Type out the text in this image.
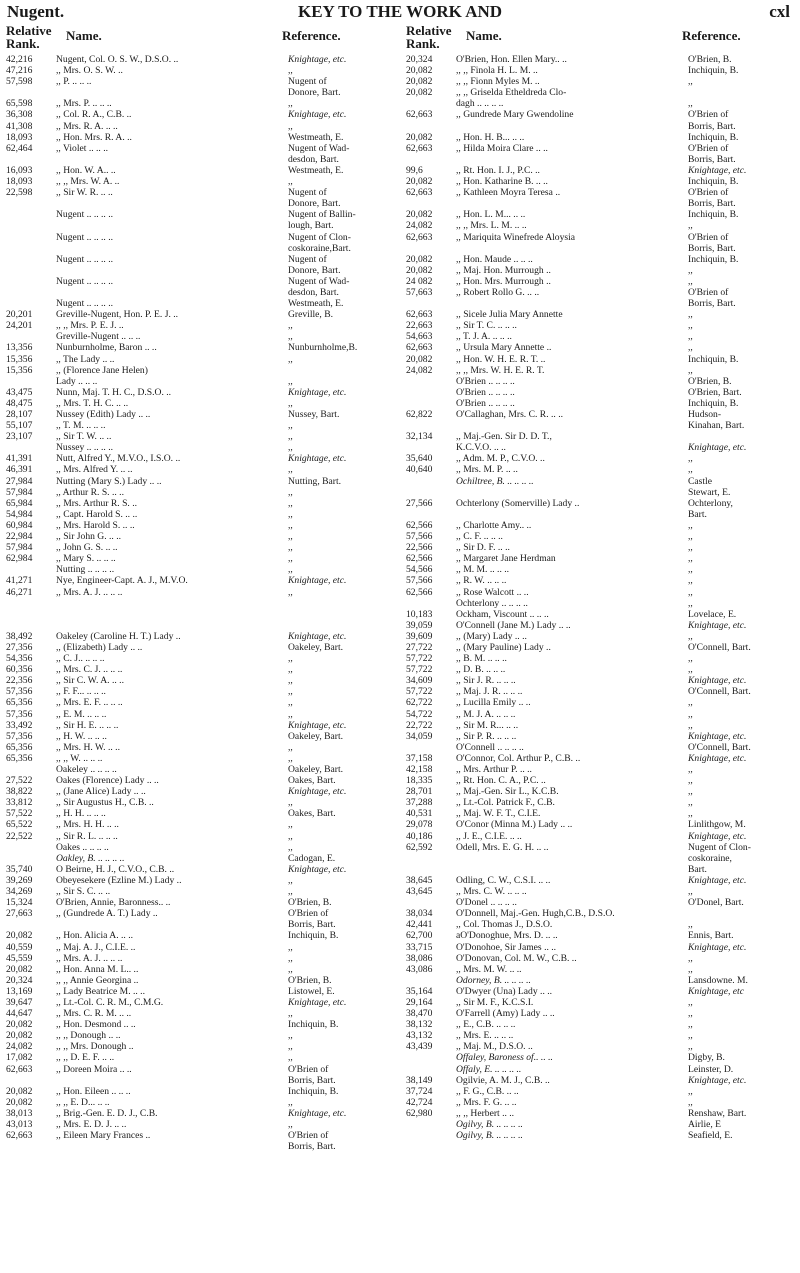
Nugent.	KEY TO THE WORK AND	cxl
Relative Rank.
Name.	Reference.
42,216	Nugent, Col. O. S. W., D.S.O. ..	Knightage, etc.
47,216	,, Mrs. O. S. W. ..	,,
57,598	,, P. .. .. ..	Nugent of
Donore, Bart.
65,598	,, Mrs. P. .. .. ..	,,
36,308	,, Col. R. A., C.B. ..	Knightage, etc.
41,308	,, Mrs. R. A. .. ..	,,
18,093	,, Hon. Mrs. R. A. ..	Westmeath, E.
62,464	,, Violet .. .. ..	Nugent of Wad-
desdon, Bart.
16,093	,, Hon. W. A.. ..	Westmeath, E.
18,093	,, ,, Mrs. W. A. ..	,,
22,598	,, Sir W. R. .. ..	Nugent of
Donore, Bart.
Nugent .. .. .. ..	Nugent of Ballin-
lough, Bart.
Nugent .. .. .. ..	Nugent of Clon-
coskoraine,Bart.
Nugent .. .. .. ..	Nugent of
Donore, Bart.
Nugent .. .. .. ..	Nugent of Wad-
desdon, Bart.
Nugent .. .. .. ..	Westmeath, E.
20,201	Greville-Nugent, Hon. P. E. J. ..	Greville, B.
24,201	,, ,, Mrs. P. E. J. ..	,,
Greville-Nugent .. .. ..	,,
13,356	Nunburnholme, Baron .. ..	Nunburnholme,B.
15,356	,, The Lady .. ..	,,
15,356	,, (Florence Jane Helen)
Lady .. .. ..	,,
43,475	Nunn, Maj. T. H. C., D.S.O. ..	Knightage, etc.
48,475	,, Mrs. T. H. C. .. ..	,,
28,107	Nussey (Edith) Lady .. ..	Nussey, Bart.
55,107	,, T. M. .. .. ..	,,
23,107	,, Sir T. W. .. ..	,,
Nussey .. .. .. ..	,,
41,391	Nutt, Alfred Y., M.V.O., I.S.O. ..	Knightage, etc.
46,391	,, Mrs. Alfred Y. .. ..	,,
27,984	Nutting (Mary S.) Lady .. ..	Nutting, Bart.
57,984	,, Arthur R. S. .. ..	,,
65,984	,, Mrs. Arthur R. S. ..	,,
54,984	,, Capt. Harold S. .. ..	,,
60,984	,, Mrs. Harold S. .. ..	,,
22,984	,, Sir John G. .. ..	,,
57,984	,, John G. S. .. ..	,,
62,984	,, Mary S. .. .. ..	,,
Nutting .. .. .. ..	,,
41,271	Nye, Engineer-Capt. A. J., M.V.O.	Knightage, etc.
46,271	,, Mrs. A. J. .. .. ..	,,
38,492	Oakeley (Caroline H. T.) Lady ..	Knightage, etc.
27,356	,, (Elizabeth) Lady .. ..	Oakeley, Bart.
54,356	,, C. J.. .. .. ..	,,
60,356	,, Mrs. C. J. .. .. ..	,,
22,356	,, Sir C. W. A. .. ..	,,
57,356	,, F. F... .. .. ..	,,
65,356	,, Mrs. E. F. .. .. ..	,,
57,356	,, E. M. .. .. ..	,,
33,492	,, Sir H. E. .. .. ..	Knightage, etc.
57,356	,, H. W. .. .. ..	Oakeley, Bart.
65,356	,, Mrs. H. W. .. ..	,,
65,356	,, ,, W. .. .. ..	,,
Oakeley .. .. .. ..	Oakeley, Bart.
27,522	Oakes (Florence) Lady .. ..	Oakes, Bart.
38,822	,, (Jane Alice) Lady .. ..	Knightage, etc.
33,812	,, Sir Augustus H., C.B. ..	,,
57,522	,, H. H. .. .. ..	Oakes, Bart.
65,522	,, Mrs. H. H. .. ..	,,
22,522	,, Sir R. L. .. .. ..	,,
Oakes .. .. .. ..	,,
Oakley, B. .. .. .. ..	Cadogan, E.
35,740	O Beirne, H. J., C.V.O., C.B. ..	Knightage, etc.
39,269	Obeyesekere (Ezline M.) Lady ..	,,
34,269	,, Sir S. C. .. ..	,,
15,324	O'Brien, Annie, Baronness.. ..	O'Brien, B.
27,663	,, (Gundrede A. T.) Lady ..	O'Brien of
Borris, Bart.
20,082	,, Hon. Alicia A. .. ..	Inchiquin, B.
40,559	,, Maj. A. J., C.I.E. ..	,,
45,559	,, Mrs. A. J. .. .. ..	,,
20,082	,, Hon. Anna M. L.. ..	,,
20,324	,, ,, Annie Georgina ..	O'Brien, B.
13,169	,, Lady Beatrice M. .. ..	Listowel, E.
39,647	,, Lt.-Col. C. R. M., C.M.G.	Knightage, etc.
44,647	,, Mrs. C. R. M. .. ..	,,
20,082	,, Hon. Desmond .. ..	Inchiquin, B.
20,082	,, ,, Donough .. ..	,,
24,082	,, ,, Mrs. Donough ..	,,
17,082	,, ,, D. E. F. .. ..	,,
62,663	,, Doreen Moira .. ..	O'Brien of
Borris, Bart.
20,082	,, Hon. Eileen .. .. ..	Inchiquin, B.
20,082	,, ,, E. D... .. ..	,,
38,013	,, Brig.-Gen. E. D. J., C.B.	Knightage, etc.
43,013	,, Mrs. E. D. J. .. ..	,,
62,663	,, Eileen Mary Frances ..	O'Brien of
Borris, Bart.
Relative Rank.
Name.	Reference.
20,324	O'Brien, Hon. Ellen Mary.. ..	O'Brien, B.
20,082	,, ,, Finola H. L. M. ..	Inchiquin, B.
20,082	,, ,, Fionn Myles M. ..	,,
20,082	,, ,, Griselda Etheldreda Clo-
dagh .. .. .. ..	,,
62,663	,, Gundrede Mary Gwendoline	O'Brien of
Borris, Bart.
20,082	,, Hon. H. B... .. ..	Inchiquin, B.
62,663	,, Hilda Moira Clare .. ..	O'Brien of
Borris, Bart.
99,6	,, Rt. Hon. I. J., P.C. ..	Knightage, etc.
20,082	,, Hon. Katharine B. .. ..	Inchiquin, B.
62,663	,, Kathleen Moyra Teresa ..	O'Brien of
Borris, Bart.
20,082	,, Hon. L. M... .. ..	Inchiquin, B.
24,082	,, ,, Mrs. L. M. .. ..	,,
62,663	,, Mariquita Winefrede Aloysia	O'Brien of
Borris, Bart.
20,082	,, Hon. Maude .. .. ..	Inchiquin, B.
20,082	,, Maj. Hon. Murrough ..	,,
24 082	,, Hon. Mrs. Murrough ..	,,
57,663	,, Robert Rollo G. .. ..	O'Brien of
Borris, Bart.
62,663	,, Sicele Julia Mary Annette	,,
22,663	,, Sir T. C. .. .. ..	,,
54,663	,, T. J. A. .. .. ..	,,
62,663	,, Ursula Mary Annette ..	,,
20,082	,, Hon. W. H. E. R. T. ..	Inchiquin, B.
24,082	,, ,, Mrs. W. H. E. R. T.	,,
O'Brien .. .. .. ..	O'Brien, B.
O'Brien .. .. .. ..	O'Brien, Bart.
O'Brien .. .. .. ..	Inchiquin, B.
62,822	O'Callaghan, Mrs. C. R. .. ..	Hudson-
Kinahan, Bart.
32,134	,, Maj.-Gen. Sir D. D. T.,
K.C.V.O. .. ..	Knightage, etc.
35,640	,, Adm. M. P., C.V.O. ..	,,
40,640	,, Mrs. M. P. .. ..	,,
Ochiltree, B. .. .. .. ..	Castle
Stewart, E.
27,566	Ochterlony (Somerville) Lady ..	Ochterlony,
Bart.
62,566	,, Charlotte Amy.. ..	,,
57,566	,, C. F. .. .. ..	,,
22,566	,, Sir D. F. .. ..	,,
62,566	,, Margaret Jane Herdman	,,
54,566	,, M. M. .. .. ..	,,
57,566	,, R. W. .. .. ..	,,
62,566	,, Rose Walcott .. ..	,,
Ochterlony .. .. .. ..	,,
10,183	Ockham, Viscount .. .. ..	Lovelace, E.
39,059	O'Connell (Jane M.) Lady .. ..	Knightage, etc.
39,609	,, (Mary) Lady .. ..	,,
27,722	,, (Mary Pauline) Lady ..	O'Connell, Bart.
57,722	,, B. M. .. .. ..	,,
57,722	,, D. B. .. .. ..	,,
34,609	,, Sir J. R. .. .. ..	Knightage, etc.
57,722	,, Maj. J. R. .. .. ..	O'Connell, Bart.
62,722	,, Lucilla Emily .. ..	,,
54,722	,, M. J. A. .. .. ..	,,
22,722	,, Sir M. R... .. ..	,,
34,059	,, Sir P. R. .. .. ..	Knightage, etc.
O'Connell .. .. .. ..	O'Connell, Bart.
37,158	O'Connor, Col. Arthur P., C.B. ..	Knightage, etc.
42,158	,, Mrs. Arthur P. .. ..	,,
18,335	,, Rt. Hon. C. A., P.C. ..	,,
28,701	,, Maj.-Gen. Sir L., K.C.B.	,,
37,288	,, Lt.-Col. Patrick F., C.B.	,,
40,531	,, Maj. W. F. T., C.I.E.	,,
29,078	O'Conor (Minna M.) Lady .. ..	Linlithgow, M.
40,186	,, J. E., C.I.E. .. ..	Knightage, etc.
62,592	Odell, Mrs. E. G. H. .. ..	Nugent of Clon-
coskoraine,
Bart.
38,645	Odling, C. W., C.S.I. .. ..	Knightage, etc.
43,645	,, Mrs. C. W. .. .. ..	,,
O'Donel .. .. .. ..	O'Donel, Bart.
38,034	O'Donnell, Maj.-Gen. Hugh,C.B., D.S.O.
42,441	,, Col. Thomas J., D.S.O.	,,
62,700	aO'Donoghue, Mrs. D. .. ..	Ennis, Bart.
33,715	O'Donohoe, Sir James .. ..	Knightage, etc.
38,086	O'Donovan, Col. M. W., C.B. ..	,,
43,086	,, Mrs. M. W. .. ..	,,
Odorney, B. .. .. .. ..	Lansdowne. M.
35,164	O'Dwyer (Una) Lady .. ..	Knightage, etc
29,164	,, Sir M. F., K.C.S.I.	,,
38,470	O'Farrell (Amy) Lady .. ..	,,
38,132	,, E., C.B. .. .. ..	,,
43,132	,, Mrs. E. .. .. ..	,,
43,439	,, Maj. M., D.S.O. ..	,,
Offaley, Baroness of.. .. ..	Digby, B.
Offaly, E. .. .. .. ..	Leinster, D.
38,149	Ogilvie, A. M. J., C.B. ..	Knightage, etc.
37,724	,, F. G., C.B. .. ..	,,
42,724	,, Mrs. F. G. .. ..	,,
62,980	,, ,, Herbert .. ..	Renshaw, Bart.
Ogilvy, B. .. .. .. ..	Airlie, E
Ogilvy, B. .. .. .. ..	Seafield, E.
